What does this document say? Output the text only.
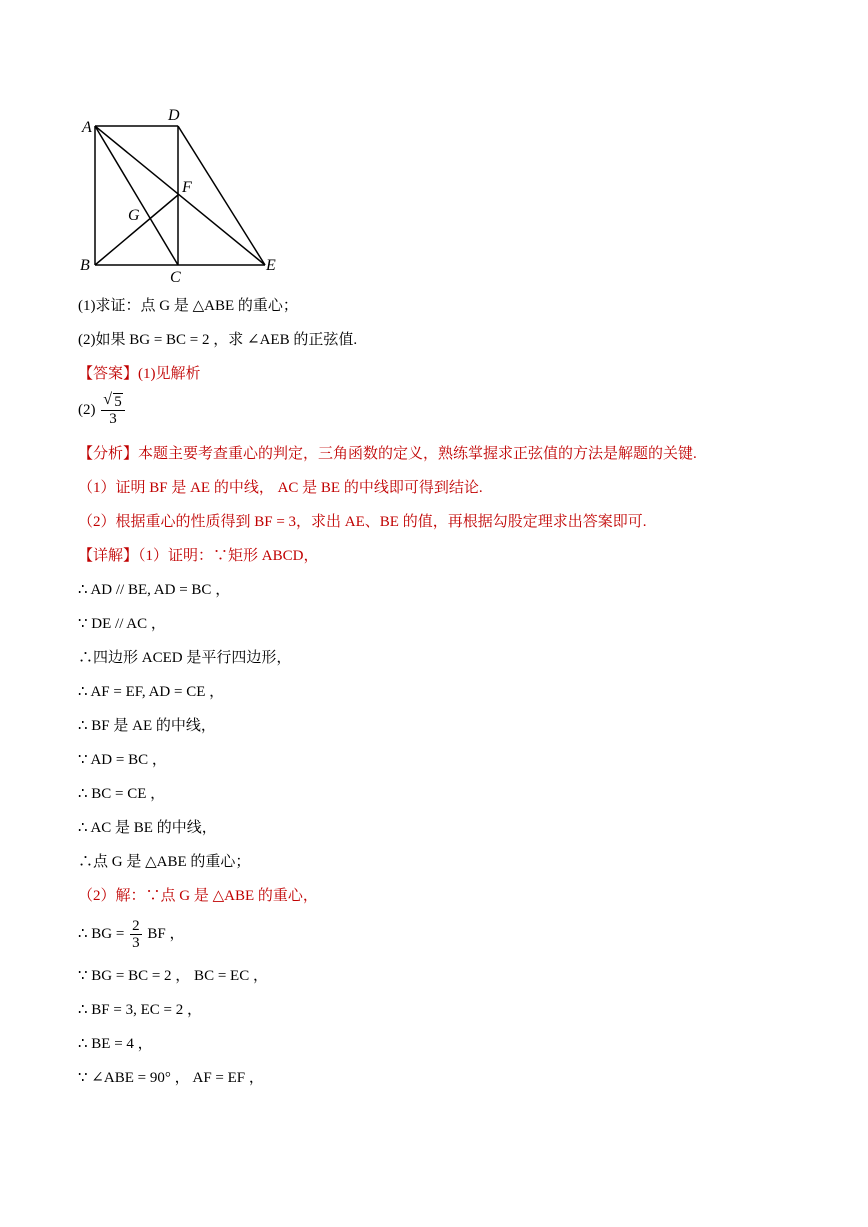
A
D
B
C
E
F
G
(1)求证：点 G 是 △ABE 的重心；
(2)如果 BG = BC = 2 ，求 ∠AEB 的正弦值.
【答案】(1)见解析
(2)
√ $\frac{5}{3}$
【分析】本题主要考查重心的判定，三角函数的定义，熟练掌握求正弦值的方法是解题的关键.
（1）证明 BF 是 AE 的中线， AC 是 BE 的中线即可得到结论.
（2）根据重心的性质得到 BF = 3，求出 AE、BE 的值，再根据勾股定理求出答案即可.
【详解】（1）证明：∵矩形 ABCD，
∴ AD // BE, AD = BC ，
∵ DE // AC ，
∴四边形 ACED 是平行四边形，
∴ AF = EF, AD = CE ，
∴ BF 是 AE 的中线，
∵ AD = BC ，
∴ BC = CE ，
∴ AC 是 BE 的中线，
∴点 G 是 △ABE 的重心；
（2）解：∵点 G 是 △ABE 的重心，
∴ BG = $\frac{2}{3}$ BF ，
∵ BG = BC = 2 ， BC = EC ，
∴ BF = 3, EC = 2 ，
∴ BE = 4 ，
∵ ∠ABE = 90° ， AF = EF ，
